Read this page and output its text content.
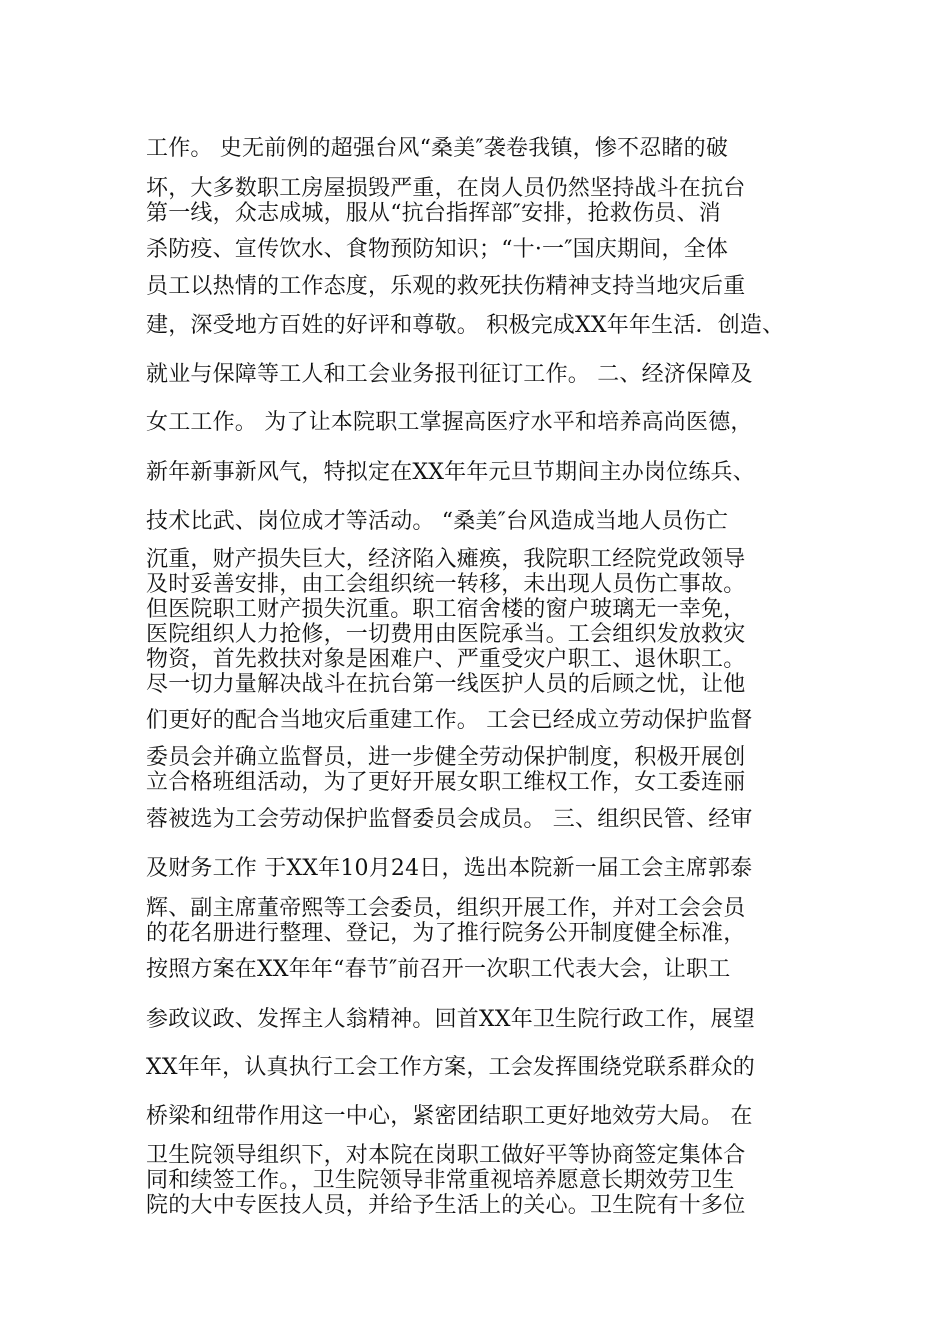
工作。 史无前例的超强台风“桑美″袭卷我镇，惨不忍睹的破
坏，大多数职工房屋损毁严重，在岗人员仍然坚持战斗在抗台
第一线，众志成城，服从“抗台指挥部″安排，抢救伤员、消
杀防疫、宣传饮水、食物预防知识；“十·一″国庆期间，全体
员工以热情的工作态度，乐观的救死扶伤精神支持当地灾后重
建，深受地方百姓的好评和尊敬。 积极完成XX年年生活．创造、
就业与保障等工人和工会业务报刊征订工作。 二、经济保障及
女工工作。 为了让本院职工掌握高医疗水平和培养高尚医德，
新年新事新风气，特拟定在XX年年元旦节期间主办岗位练兵、
技术比武、岗位成才等活动。 “桑美″台风造成当地人员伤亡
沉重，财产损失巨大，经济陷入瘫痪，我院职工经院党政领导
及时妥善安排，由工会组织统一转移，未出现人员伤亡事故。
但医院职工财产损失沉重。职工宿舍楼的窗户玻璃无一幸免，
医院组织人力抢修，一切费用由医院承当。工会组织发放救灾
物资，首先救扶对象是困难户、严重受灾户职工、退休职工。
尽一切力量解决战斗在抗台第一线医护人员的后顾之忧，让他
们更好的配合当地灾后重建工作。 工会已经成立劳动保护监督
委员会并确立监督员，进一步健全劳动保护制度，积极开展创
立合格班组活动，为了更好开展女职工维权工作，女工委连丽
蓉被选为工会劳动保护监督委员会成员。 三、组织民管、经审
及财务工作 于XX年10月24日，选出本院新一届工会主席郭泰
辉、副主席董帝熙等工会委员，组织开展工作，并对工会会员
的花名册进行整理、登记，为了推行院务公开制度健全标准，
按照方案在XX年年“春节″前召开一次职工代表大会，让职工
参政议政、发挥主人翁精神。回首XX年卫生院行政工作，展望
XX年年，认真执行工会工作方案，工会发挥围绕党联系群众的
桥梁和纽带作用这一中心，紧密团结职工更好地效劳大局。 在
卫生院领导组织下，对本院在岗职工做好平等协商签定集体合
同和续签工作。，卫生院领导非常重视培养愿意长期效劳卫生
院的大中专医技人员，并给予生活上的关心。卫生院有十多位
